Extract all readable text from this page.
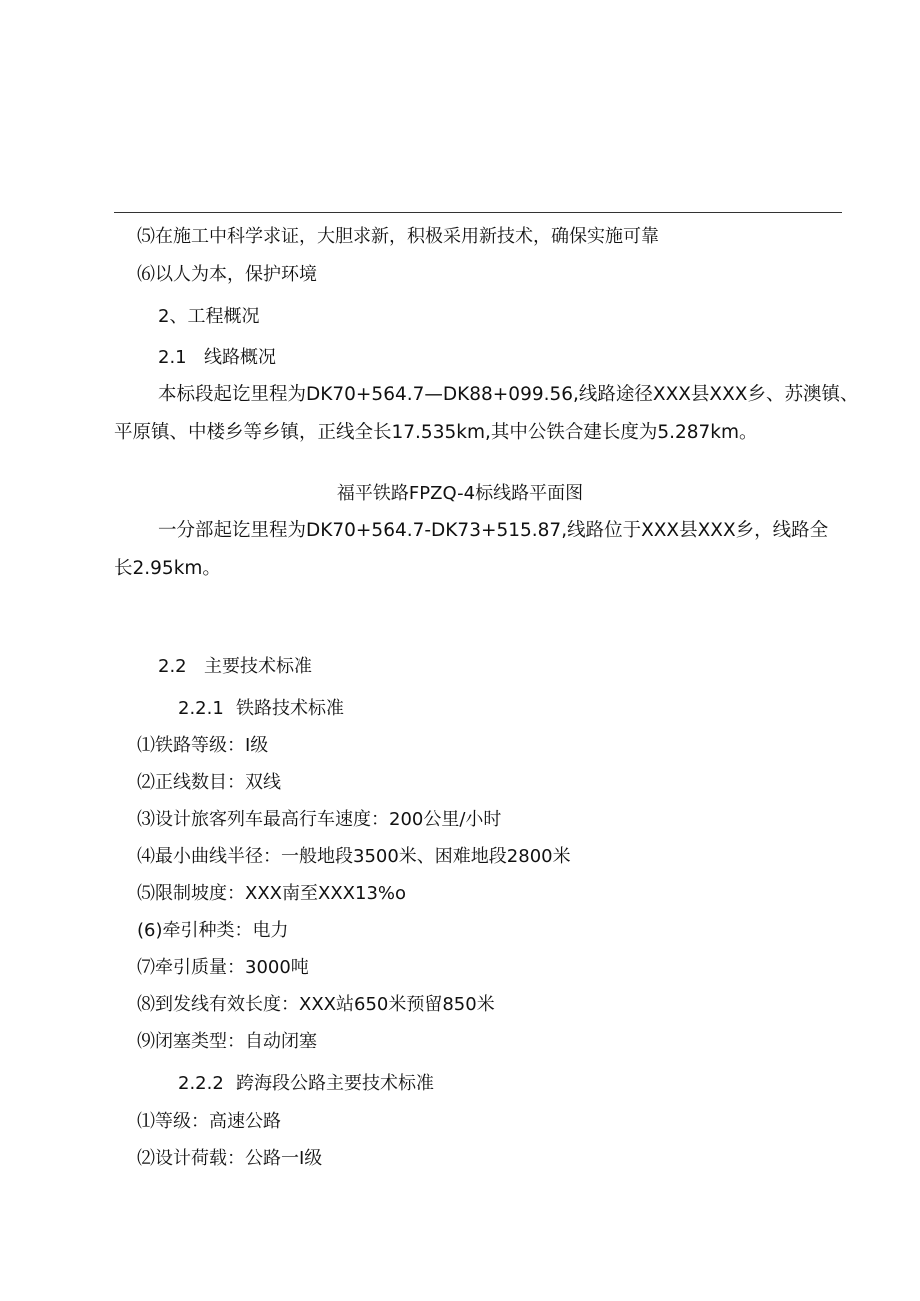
⑸在施工中科学求证，大胆求新，积极采用新技术，确保实施可靠
⑹以人为本，保护环境
2、工程概况
2.1 线路概况
本标段起讫里程为DK70+564.7—DK88+099.56,线路途径XXX县XXX乡、苏澳镇、
平原镇、中楼乡等乡镇，正线全长17.535km,其中公铁合建长度为5.287km。
福平铁路FPZQ-4标线路平面图
一分部起讫里程为DK70+564.7-DK73+515.87,线路位于XXX县XXX乡，线路全
长2.95km。
2.2 主要技术标准
2.2.1 铁路技术标准
⑴铁路等级：I级
⑵正线数目：双线
⑶设计旅客列车最高行车速度：200公里/小时
⑷最小曲线半径：一般地段3500米、困难地段2800米
⑸限制坡度：XXX南至XXX13%o
(6)牵引种类：电力
⑺牵引质量：3000吨
⑻到发线有效长度：XXX站650米预留850米
⑼闭塞类型：自动闭塞
2.2.2 跨海段公路主要技术标准
⑴等级：高速公路
⑵设计荷载：公路一I级
